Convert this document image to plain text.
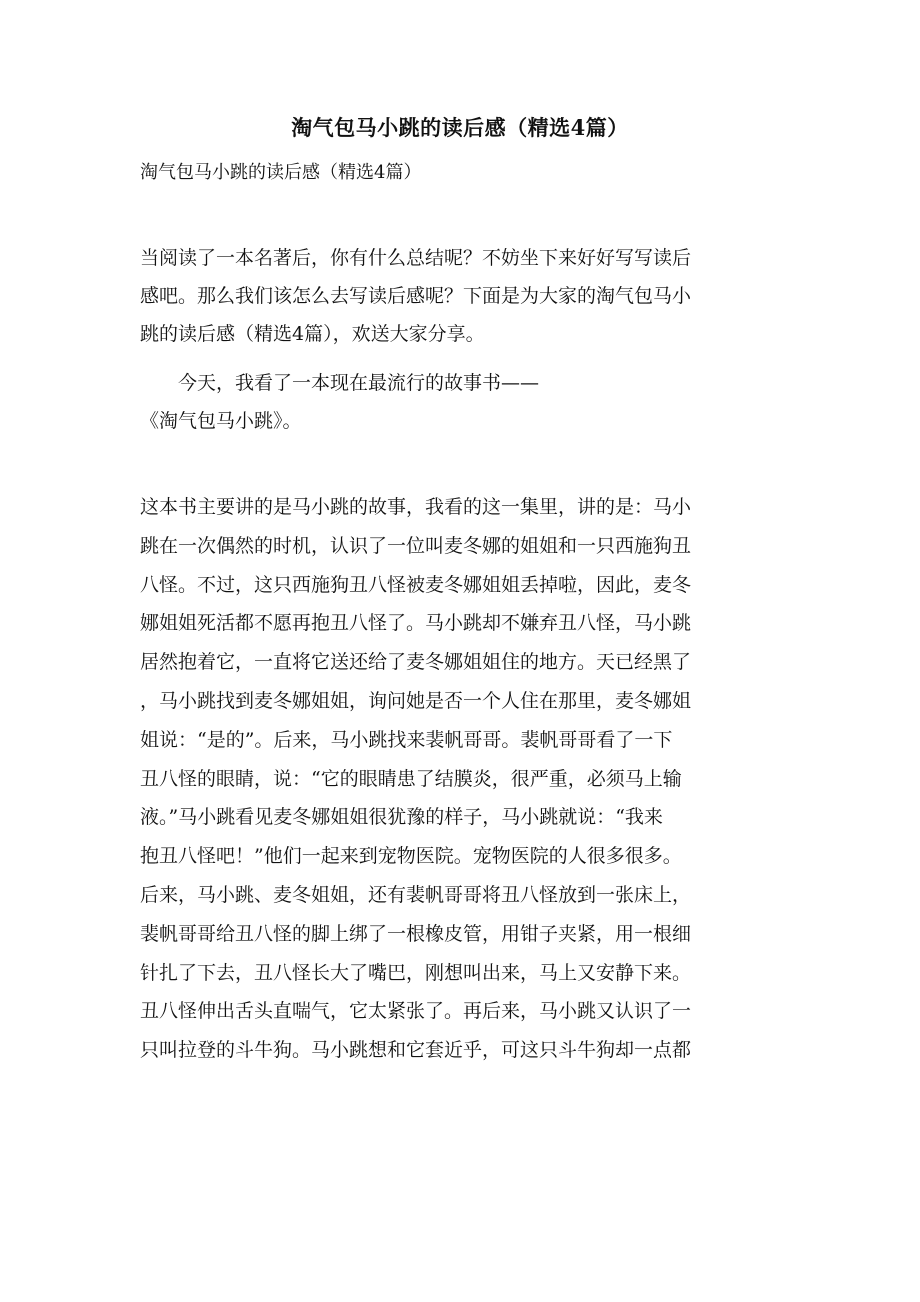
淘气包马小跳的读后感（精选4篇）
淘气包马小跳的读后感（精选4篇）
当阅读了一本名著后，你有什么总结呢？不妨坐下来好好写写读后
感吧。那么我们该怎么去写读后感呢？下面是为大家的淘气包马小
跳的读后感（精选4篇），欢送大家分享。
今天，我看了一本现在最流行的故事书——
《淘气包马小跳》。
这本书主要讲的是马小跳的故事，我看的这一集里，讲的是：马小
跳在一次偶然的时机，认识了一位叫麦冬娜的姐姐和一只西施狗丑
八怪。不过，这只西施狗丑八怪被麦冬娜姐姐丢掉啦，因此，麦冬
娜姐姐死活都不愿再抱丑八怪了。马小跳却不嫌弃丑八怪，马小跳
居然抱着它，一直将它送还给了麦冬娜姐姐住的地方。天已经黑了
，马小跳找到麦冬娜姐姐，询问她是否一个人住在那里，麦冬娜姐
姐说：“是的”。后来，马小跳找来裴帆哥哥。裴帆哥哥看了一下
丑八怪的眼睛，说：“它的眼睛患了结膜炎，很严重，必须马上输
液。”马小跳看见麦冬娜姐姐很犹豫的样子，马小跳就说：“我来
抱丑八怪吧！”他们一起来到宠物医院。宠物医院的人很多很多。
后来，马小跳、麦冬姐姐，还有裴帆哥哥将丑八怪放到一张床上，
裴帆哥哥给丑八怪的脚上绑了一根橡皮管，用钳子夹紧，用一根细
针扎了下去，丑八怪长大了嘴巴，刚想叫出来，马上又安静下来。
丑八怪伸出舌头直喘气，它太紧张了。再后来，马小跳又认识了一
只叫拉登的斗牛狗。马小跳想和它套近乎，可这只斗牛狗却一点都
